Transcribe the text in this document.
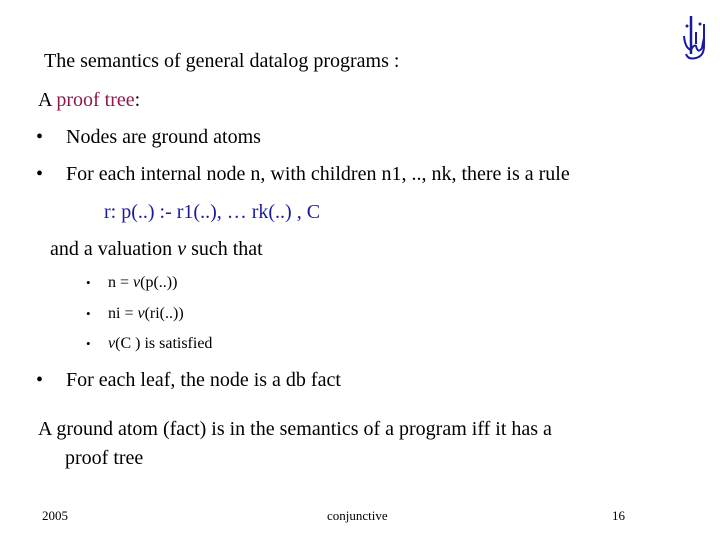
The semantics of general datalog programs :
A proof tree:
• Nodes are ground atoms
• For each internal node n, with children n1, .., nk, there is a rule
r: p(..) :- r1(..), … rk(..) , C
and a valuation v such that
• n = v(p(..))
• ni = v(ri(..))
• v(C ) is satisfied
• For each leaf, the node is a db fact
A ground atom (fact) is in the semantics of a program iff it has a
proof tree
2005	conjunctive	16
